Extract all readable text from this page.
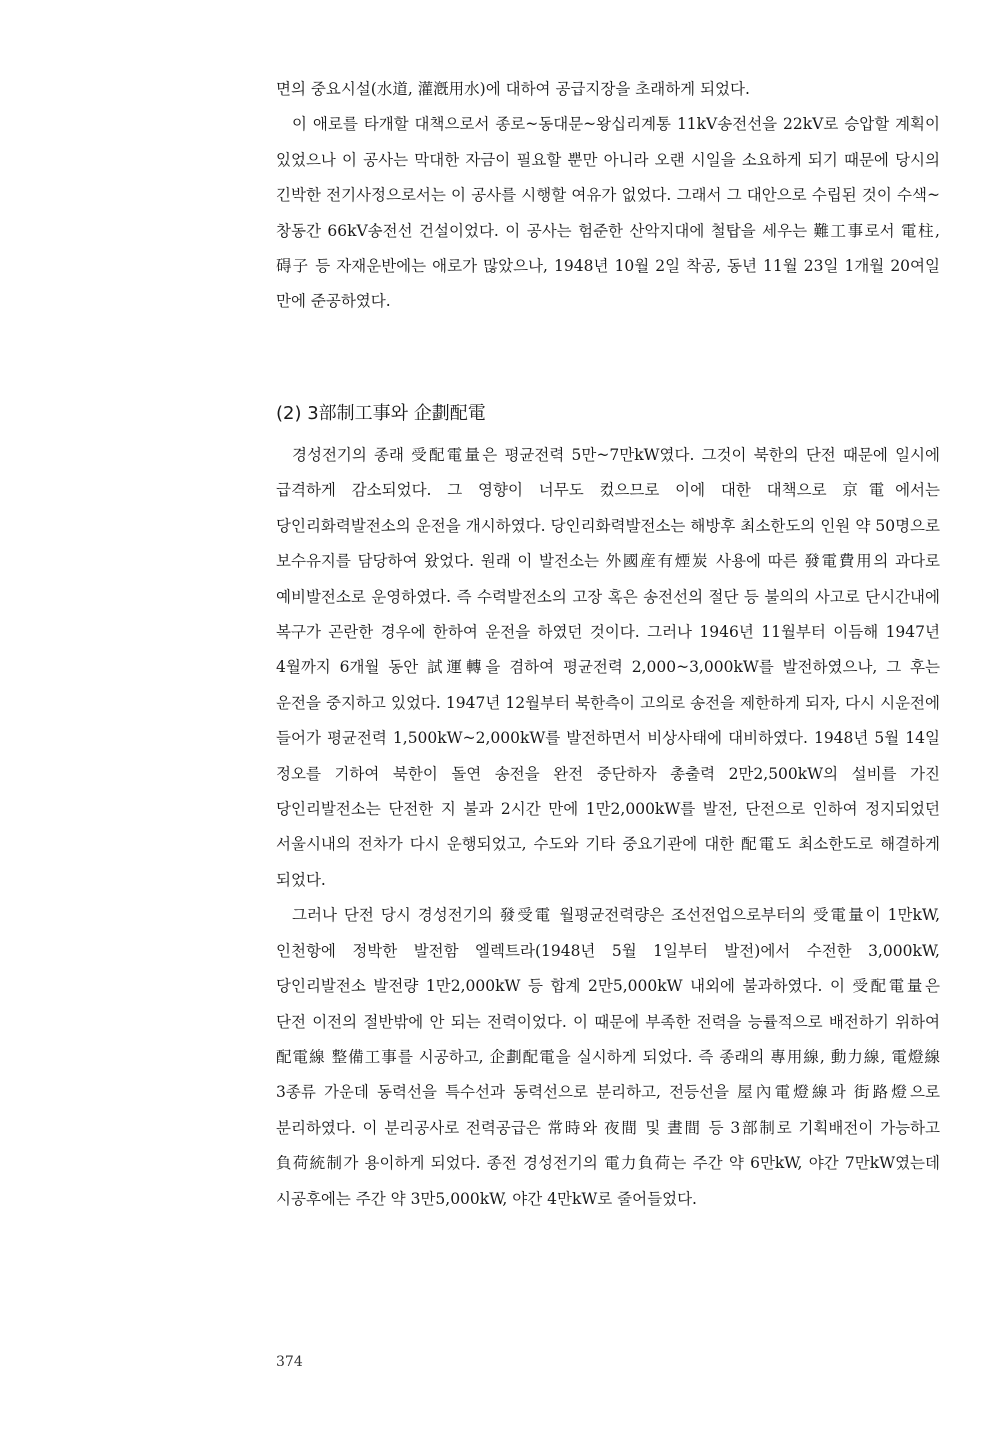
면의 중요시설(水道, 灌漑用水)에 대하여 공급지장을 초래하게 되었다.

이 애로를 타개할 대책으로서 종로~동대문~왕십리계통 11kV송전선을 22kV로 승압할 계획이 있었으나 이 공사는 막대한 자금이 필요할 뿐만 아니라 오랜 시일을 소요하게 되기 때문에 당시의 긴박한 전기사정으로서는 이 공사를 시행할 여유가 없었다. 그래서 그 대안으로 수립된 것이 수색~창동간 66kV송전선 건설이었다. 이 공사는 험준한 산악지대에 철탑을 세우는 難工事로서 電柱, 碍子 등 자재운반에는 애로가 많았으나, 1948년 10월 2일 착공, 동년 11월 23일 1개월 20여일 만에 준공하였다.

(2) 3部制工事와 企劃配電

경성전기의 종래 受配電量은 평균전력 5만~7만kW였다. 그것이 북한의 단전 때문에 일시에 급격하게 감소되었다. 그 영향이 너무도 컸으므로 이에 대한 대책으로 京電에서는 당인리화력발전소의 운전을 개시하였다. 당인리화력발전소는 해방후 최소한도의 인원 약 50명으로 보수유지를 담당하여 왔었다. 원래 이 발전소는 外國産有煙炭 사용에 따른 發電費用의 과다로 예비발전소로 운영하였다. 즉 수력발전소의 고장 혹은 송전선의 절단 등 불의의 사고로 단시간내에 복구가 곤란한 경우에 한하여 운전을 하였던 것이다. 그러나 1946년 11월부터 이듬해 1947년 4월까지 6개월 동안 試運轉을 겸하여 평균전력 2,000~3,000kW를 발전하였으나, 그 후는 운전을 중지하고 있었다. 1947년 12월부터 북한측이 고의로 송전을 제한하게 되자, 다시 시운전에 들어가 평균전력 1,500kW~2,000kW를 발전하면서 비상사태에 대비하였다. 1948년 5월 14일 정오를 기하여 북한이 돌연 송전을 완전 중단하자 총출력 2만2,500kW의 설비를 가진 당인리발전소는 단전한 지 불과 2시간 만에 1만2,000kW를 발전, 단전으로 인하여 정지되었던 서울시내의 전차가 다시 운행되었고, 수도와 기타 중요기관에 대한 配電도 최소한도로 해결하게 되었다.

그러나 단전 당시 경성전기의 發受電 월평균전력량은 조선전업으로부터의 受電量이 1만kW, 인천항에 정박한 발전함 엘렉트라(1948년 5월 1일부터 발전)에서 수전한 3,000kW, 당인리발전소 발전량 1만2,000kW 등 합계 2만5,000kW 내외에 불과하였다. 이 受配電量은 단전 이전의 절반밖에 안 되는 전력이었다. 이 때문에 부족한 전력을 능률적으로 배전하기 위하여 配電線 整備工事를 시공하고, 企劃配電을 실시하게 되었다. 즉 종래의 專用線, 動力線, 電燈線 3종류 가운데 동력선을 특수선과 동력선으로 분리하고, 전등선을 屋內電燈線과 街路燈으로 분리하였다. 이 분리공사로 전력공급은 常時와 夜間 및 晝間 등 3部制로 기획배전이 가능하고 負荷統制가 용이하게 되었다. 종전 경성전기의 電力負荷는 주간 약 6만kW, 야간 7만kW였는데 시공후에는 주간 약 3만5,000kW, 야간 4만kW로 줄어들었다.

374
